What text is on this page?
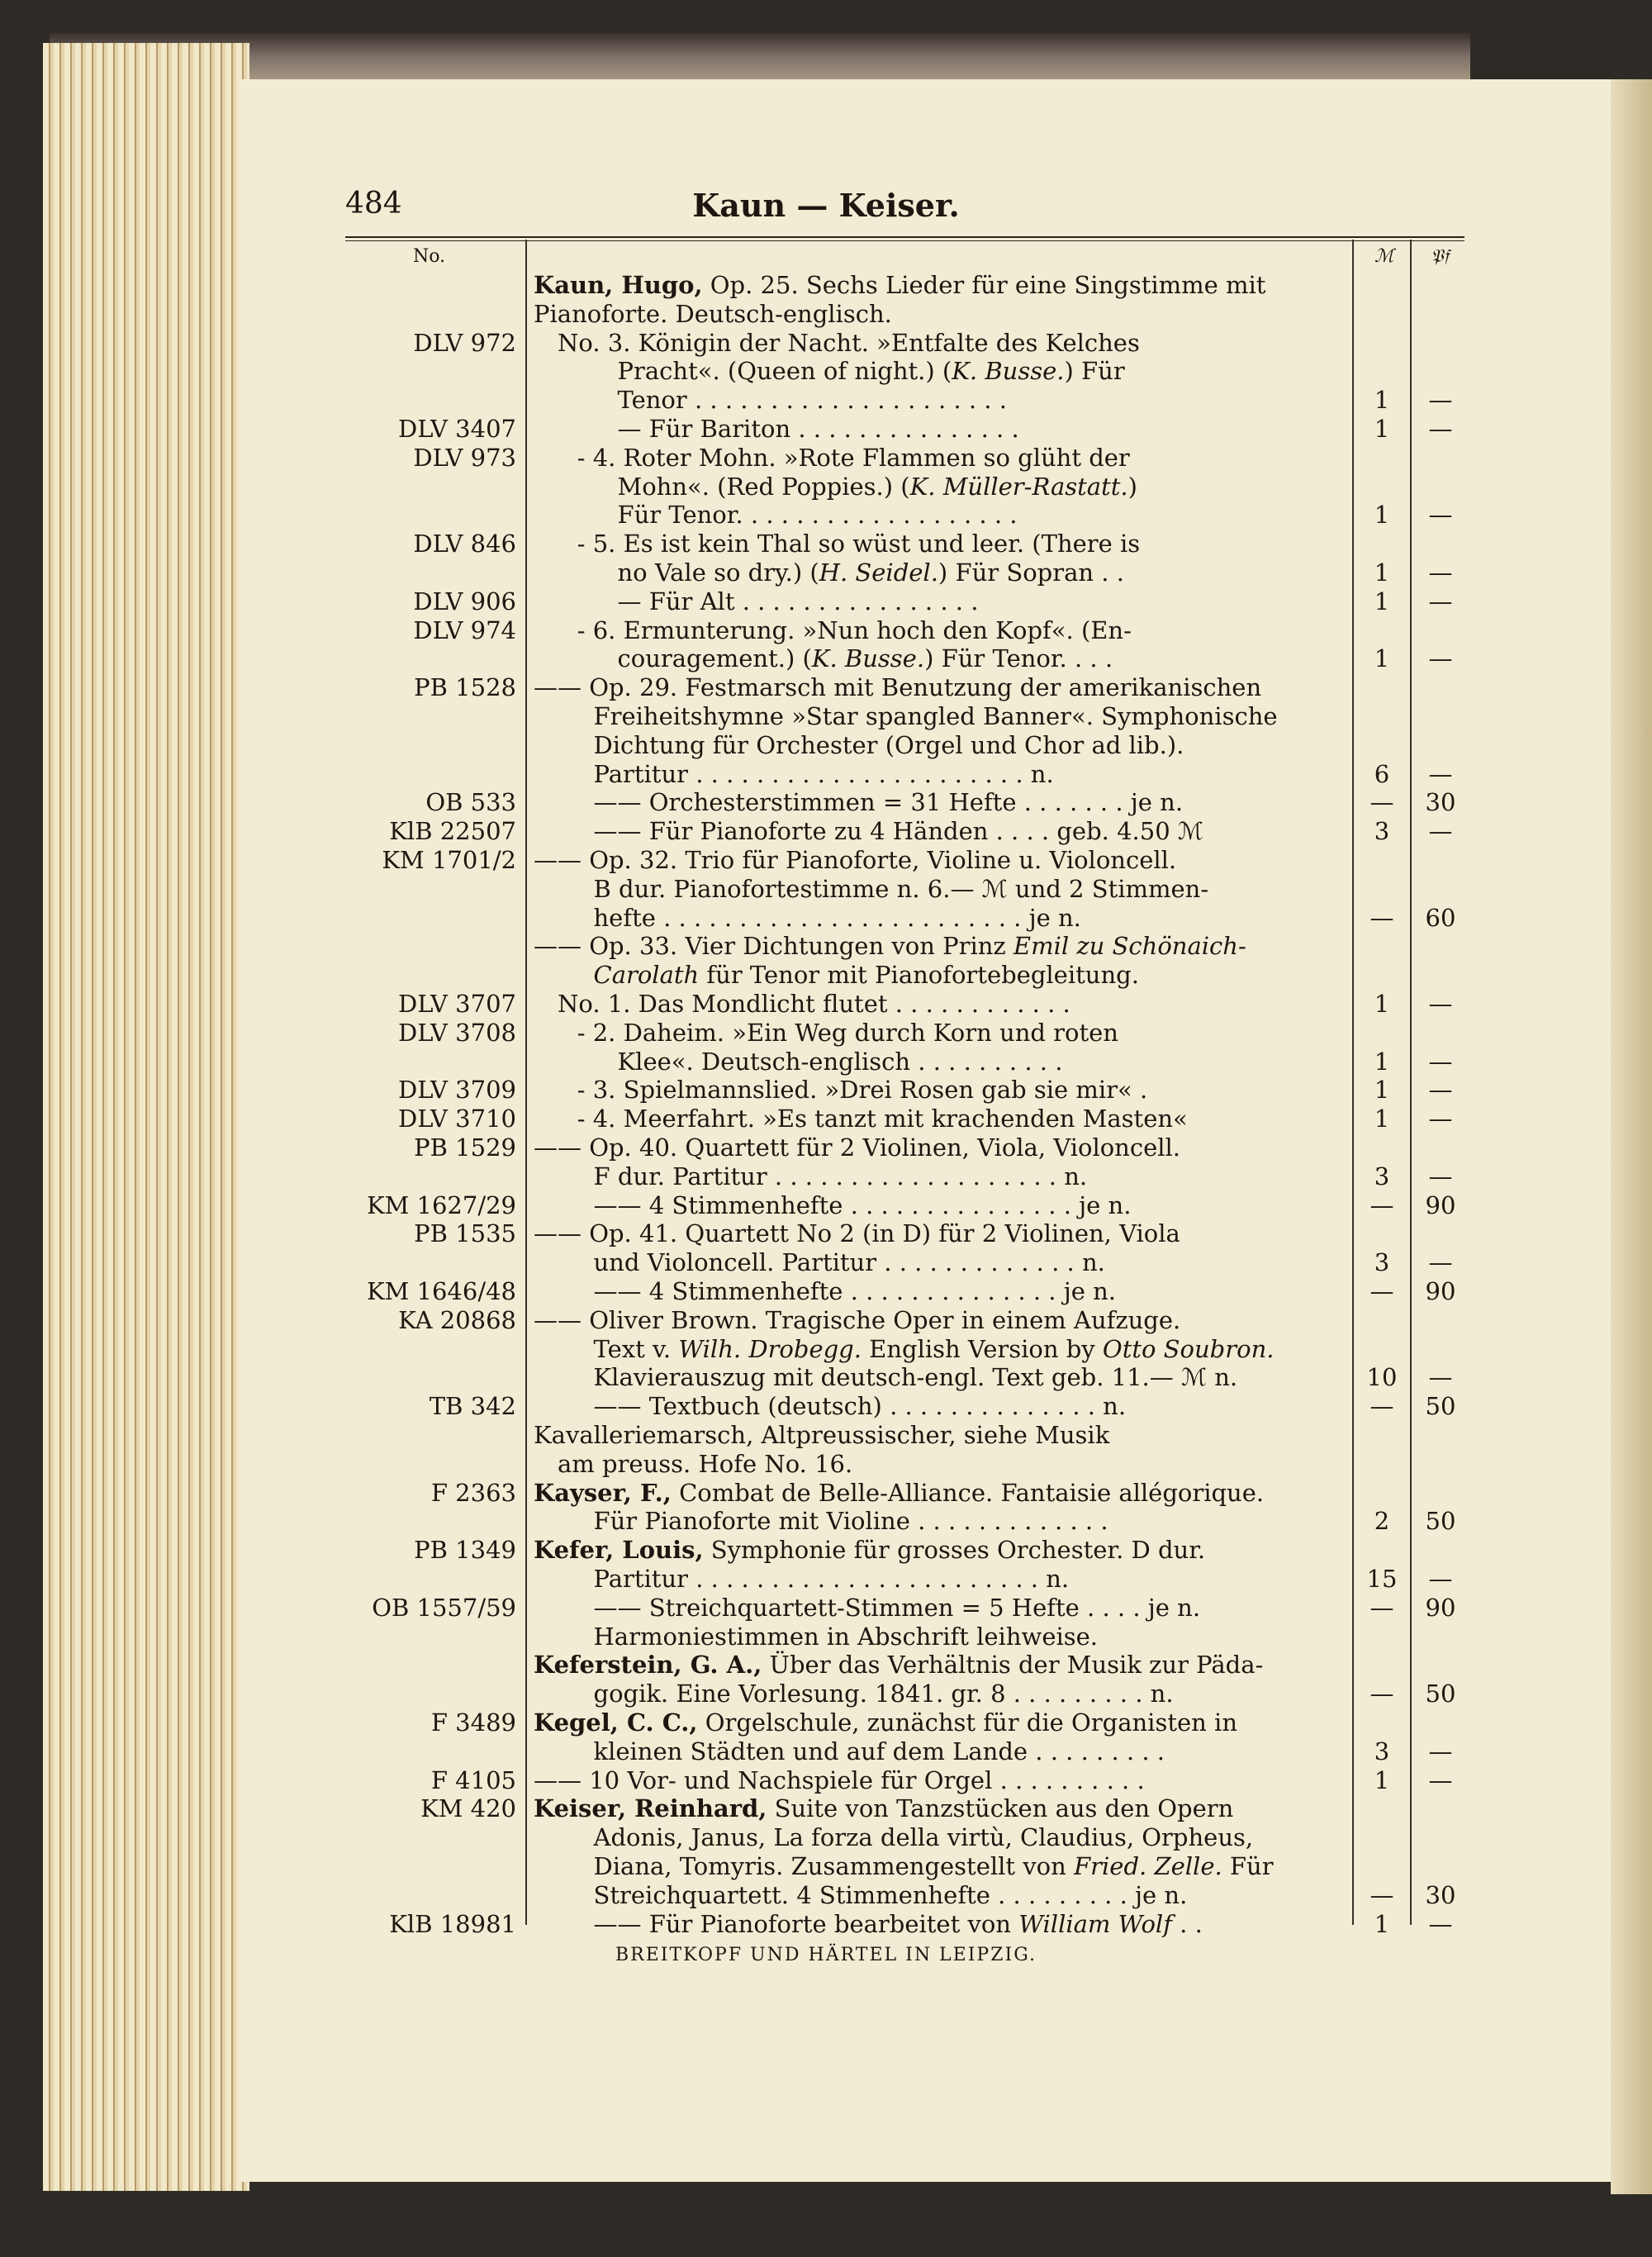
484	Kaun — Keiser.
No.	ℳ 𝔓𝔣
Kaun, Hugo, Op. 25. Sechs Lieder für eine Singstimme mit
Pianoforte. Deutsch-englisch.
DLV 972  No. 3. Königin der Nacht. »Entfalte des Kelches
    Pracht«. (Queen of night.) (K. Busse.) Für
    Tenor . . . . . . . . . . . . . . . . . . . . .	1	—
DLV 3407     — Für Bariton . . . . . . . . . . . . . . .	1	—
DLV 973    - 4. Roter Mohn. »Rote Flammen so glüht der
    Mohn«. (Red Poppies.) (K. Müller-Rastatt.)
    Für Tenor. . . . . . . . . . . . . . . . . . .	1	—
DLV 846    - 5. Es ist kein Thal so wüst und leer. (There is
    no Vale so dry.) (H. Seidel.) Für Sopran . .	1	—
DLV 906     — Für Alt . . . . . . . . . . . . . . . .	1	—
DLV 974    - 6. Ermunterung. »Nun hoch den Kopf«. (En-
    couragement.) (K. Busse.) Für Tenor. . . .	1	—
PB 1528 —— Op. 29. Festmarsch mit Benutzung der amerikanischen
   Freiheitshymne »Star spangled Banner«. Symphonische
   Dichtung für Orchester (Orgel und Chor ad lib.).
   Partitur . . . . . . . . . . . . . . . . . . . . . . n.	6	—
OB 533    —— Orchesterstimmen = 31 Hefte . . . . . . . je n.	—	30
KlB 22507    —— Für Pianoforte zu 4 Händen . . . . geb. 4.50 ℳ	3	—
KM 1701/2 —— Op. 32. Trio für Pianoforte, Violine u. Violoncell.
   B dur. Pianofortestimme n. 6.— ℳ und 2 Stimmen-
   hefte . . . . . . . . . . . . . . . . . . . . . . . . je n.	—	60
—— Op. 33. Vier Dichtungen von Prinz Emil zu Schönaich-
   Carolath für Tenor mit Pianofortebegleitung.
DLV 3707  No. 1. Das Mondlicht flutet . . . . . . . . . . . .	1	—
DLV 3708    - 2. Daheim. »Ein Weg durch Korn und roten
    Klee«. Deutsch-englisch . . . . . . . . . .	1	—
DLV 3709    - 3. Spielmannslied. »Drei Rosen gab sie mir« .	1	—
DLV 3710    - 4. Meerfahrt. »Es tanzt mit krachenden Masten«	1	—
PB 1529 —— Op. 40. Quartett für 2 Violinen, Viola, Violoncell.
   F dur. Partitur . . . . . . . . . . . . . . . . . . . n.	3	—
KM 1627/29    —— 4 Stimmenhefte . . . . . . . . . . . . . . . je n.	—	90
PB 1535 —— Op. 41. Quartett No 2 (in D) für 2 Violinen, Viola
   und Violoncell. Partitur . . . . . . . . . . . . . n.	3	—
KM 1646/48    —— 4 Stimmenhefte . . . . . . . . . . . . . . je n.	—	90
KA 20868 —— Oliver Brown. Tragische Oper in einem Aufzuge.
   Text v. Wilh. Drobegg. English Version by Otto Soubron.
   Klavierauszug mit deutsch-engl. Text geb. 11.— ℳ n.	10	—
TB 342    —— Textbuch (deutsch) . . . . . . . . . . . . . . n.	—	50
Kavalleriemarsch, Altpreussischer, siehe Musik
 am preuss. Hofe No. 16.
F 2363 Kayser, F., Combat de Belle-Alliance. Fantaisie allégorique.
   Für Pianoforte mit Violine . . . . . . . . . . . . .	2	50
PB 1349 Kefer, Louis, Symphonie für grosses Orchester. D dur.
   Partitur . . . . . . . . . . . . . . . . . . . . . . . n.	15	—
OB 1557/59    —— Streichquartett-Stimmen = 5 Hefte . . . . je n.	—	90
   Harmoniestimmen in Abschrift leihweise.
Keferstein, G. A., Über das Verhältnis der Musik zur Päda-
   gogik. Eine Vorlesung. 1841. gr. 8 . . . . . . . . . n.	—	50
F 3489 Kegel, C. C., Orgelschule, zunächst für die Organisten in
   kleinen Städten und auf dem Lande . . . . . . . . .	3	—
F 4105 —— 10 Vor- und Nachspiele für Orgel . . . . . . . . . .	1	—
KM 420 Keiser, Reinhard, Suite von Tanzstücken aus den Opern
   Adonis, Janus, La forza della virtù, Claudius, Orpheus,
   Diana, Tomyris. Zusammengestellt von Fried. Zelle. Für
   Streichquartett. 4 Stimmenhefte . . . . . . . . . je n.	—	30
KlB 18981    —— Für Pianoforte bearbeitet von William Wolf . .	1	—
BREITKOPF UND HÄRTEL IN LEIPZIG.
